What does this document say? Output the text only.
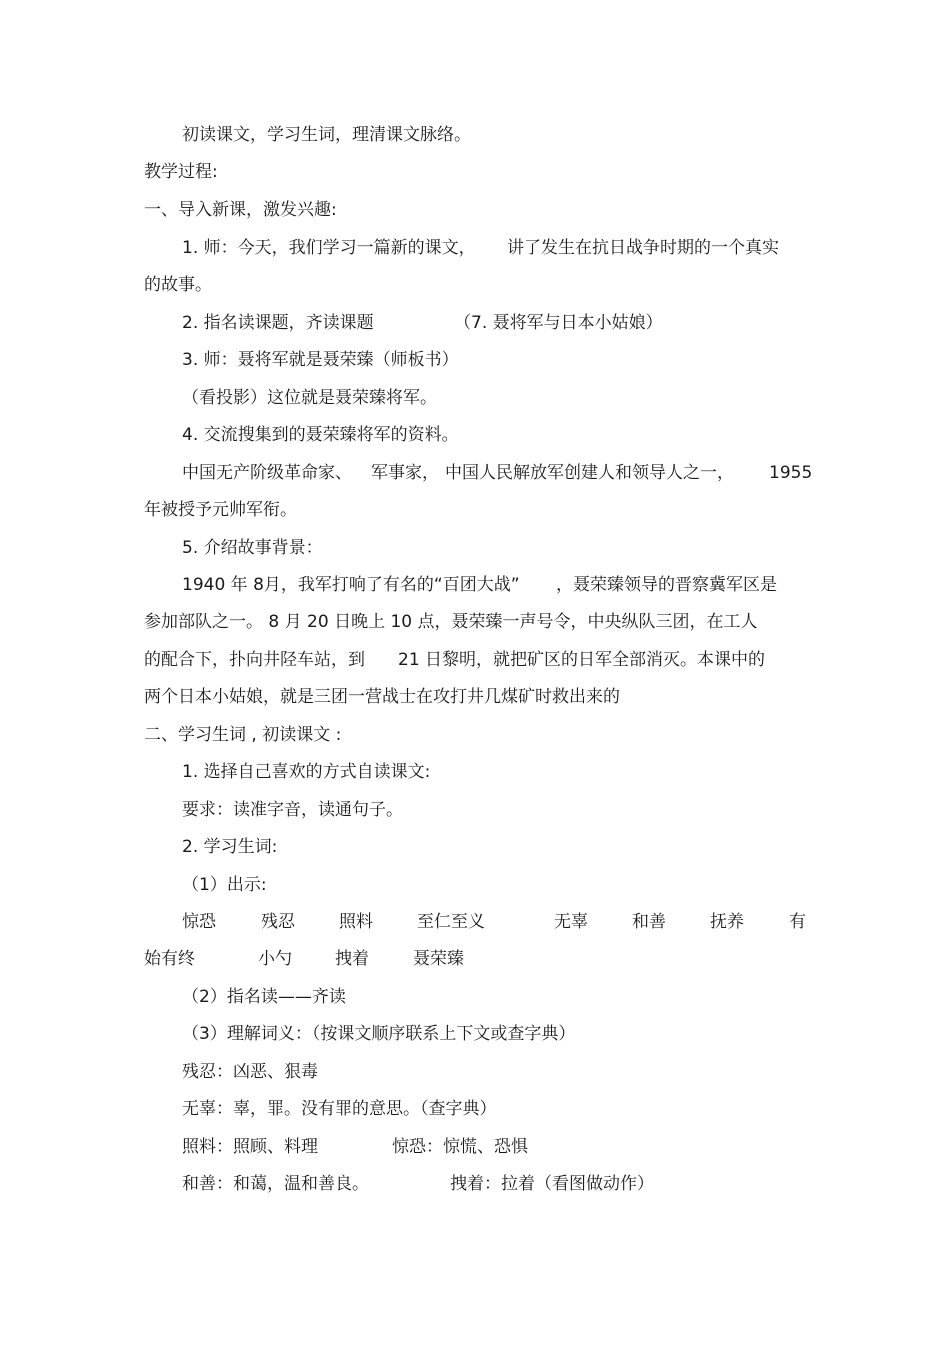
初读课文，学习生词，理清课文脉络。
教学过程:
一、导入新课，激发兴趣:
1. 师：今天，我们学习一篇新的课文， 讲了发生在抗日战争时期的一个真实
的故事。
2. 指名读课题，齐读课题	（7. 聂将军与日本小姑娘）
3. 师：聂将军就是聂荣臻（师板书）
（看投影）这位就是聂荣臻将军。
4. 交流搜集到的聂荣臻将军的资料。
中国无产阶级革命家、 军事家， 中国人民解放军创建人和领导人之一， 1955
年被授予元帅军衔。
5. 介绍故事背景：
1940 年 8月，我军打响了有名的“百团大战” ，聂荣臻领导的晋察冀军区是
参加部队之一。 8 月 20 日晚上 10 点，聂荣臻一声号令，中央纵队三团，在工人
的配合下，扑向井陉车站，到 21 日黎明，就把矿区的日军全部消灭。本课中的
两个日本小姑娘，就是三团一营战士在攻打井几煤矿时救出来的
二、学习生词 , 初读课文 :
1. 选择自己喜欢的方式自读课文:
要求：读准字音，读通句子。
2. 学习生词:
（1）出示:
惊恐	残忍	照料	至仁至义	无辜	和善	抚养	有
始有终	小勺	拽着	聂荣臻
（2）指名读——齐读
（3）理解词义：（按课文顺序联系上下文或查字典）
残忍：凶恶、狠毒
无辜：辜，罪。没有罪的意思。（查字典）
照料：照顾、料理	惊恐：惊慌、恐惧
和善：和蔼，温和善良。	拽着：拉着（看图做动作）
